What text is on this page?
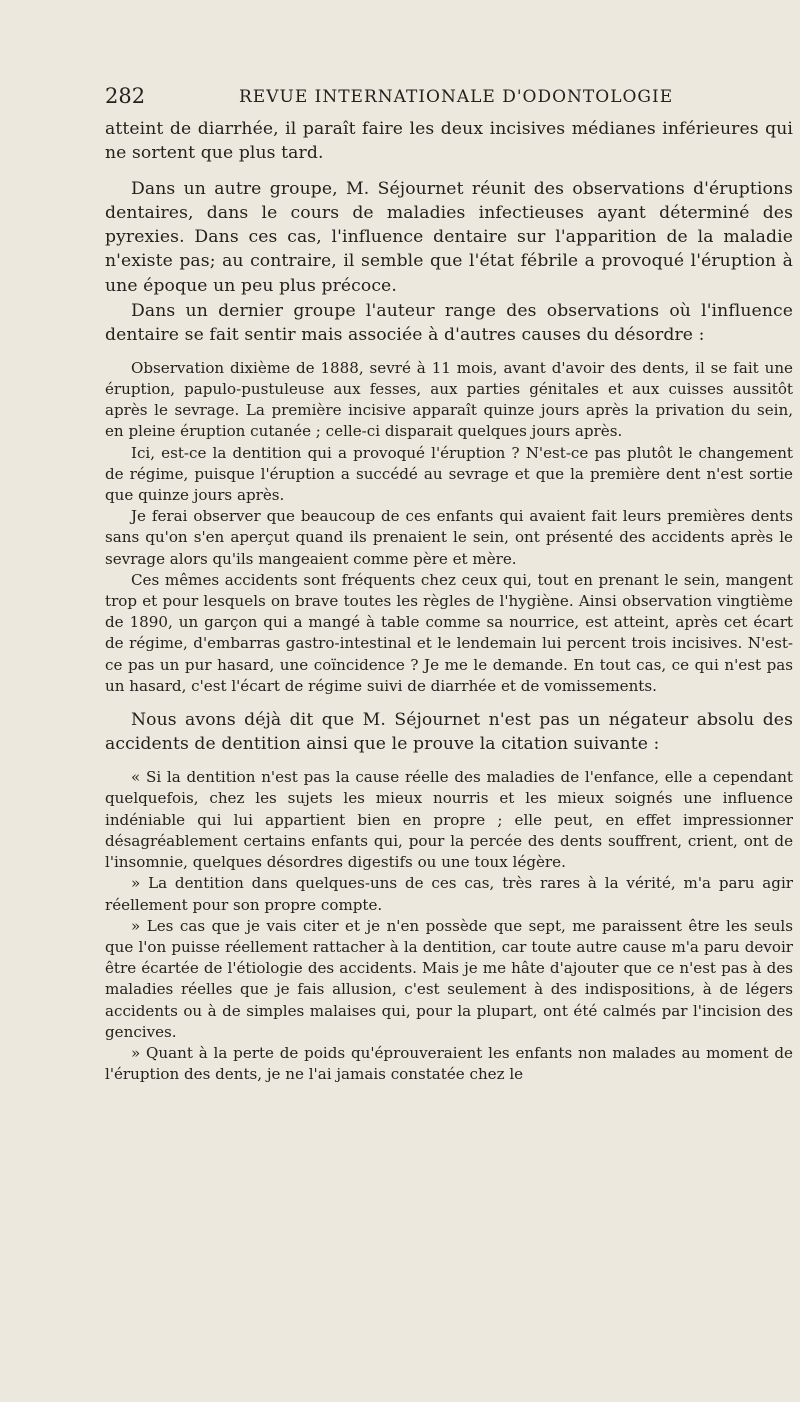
282	REVUE INTERNATIONALE D'ODONTOLOGIE

atteint de diarrhée, il paraît faire les deux incisives médianes inférieures qui ne sortent que plus tard.

Dans un autre groupe, M. Séjournet réunit des observations d'éruptions dentaires, dans le cours de maladies infectieuses ayant déterminé des pyrexies. Dans ces cas, l'influence dentaire sur l'apparition de la maladie n'existe pas; au contraire, il semble que l'état fébrile a provoqué l'éruption à une époque un peu plus précoce.

Dans un dernier groupe l'auteur range des observations où l'influence dentaire se fait sentir mais associée à d'autres causes du désordre :

Observation dixième de 1888, sevré à 11 mois, avant d'avoir des dents, il se fait une éruption, papulo-pustuleuse aux fesses, aux parties génitales et aux cuisses aussitôt après le sevrage. La première incisive apparaît quinze jours après la privation du sein, en pleine éruption cutanée ; celle-ci disparait quelques jours après.

Ici, est-ce la dentition qui a provoqué l'éruption ? N'est-ce pas plutôt le changement de régime, puisque l'éruption a succédé au sevrage et que la première dent n'est sortie que quinze jours après.

Je ferai observer que beaucoup de ces enfants qui avaient fait leurs premières dents sans qu'on s'en aperçut quand ils prenaient le sein, ont présenté des accidents après le sevrage alors qu'ils mangeaient comme père et mère.

Ces mêmes accidents sont fréquents chez ceux qui, tout en prenant le sein, mangent trop et pour lesquels on brave toutes les règles de l'hygiène. Ainsi observation vingtième de 1890, un garçon qui a mangé à table comme sa nourrice, est atteint, après cet écart de régime, d'embarras gastro-intestinal et le lendemain lui percent trois incisives. N'est-ce pas un pur hasard, une coïncidence ? Je me le demande. En tout cas, ce qui n'est pas un hasard, c'est l'écart de régime suivi de diarrhée et de vomissements.

Nous avons déjà dit que M. Séjournet n'est pas un négateur absolu des accidents de dentition ainsi que le prouve la citation suivante :

« Si la dentition n'est pas la cause réelle des maladies de l'enfance, elle a cependant quelquefois, chez les sujets les mieux nourris et les mieux soignés une influence indéniable qui lui appartient bien en propre ; elle peut, en effet impressionner désagréablement certains enfants qui, pour la percée des dents souffrent, crient, ont de l'insomnie, quelques désordres digestifs ou une toux légère.

» La dentition dans quelques-uns de ces cas, très rares à la vérité, m'a paru agir réellement pour son propre compte.

» Les cas que je vais citer et je n'en possède que sept, me paraissent être les seuls que l'on puisse réellement rattacher à la dentition, car toute autre cause m'a paru devoir être écartée de l'étiologie des accidents. Mais je me hâte d'ajouter que ce n'est pas à des maladies réelles que je fais allusion, c'est seulement à des indispositions, à de légers accidents ou à de simples malaises qui, pour la plupart, ont été calmés par l'incision des gencives.

» Quant à la perte de poids qu'éprouveraient les enfants non malades au moment de l'éruption des dents, je ne l'ai jamais constatée chez le
